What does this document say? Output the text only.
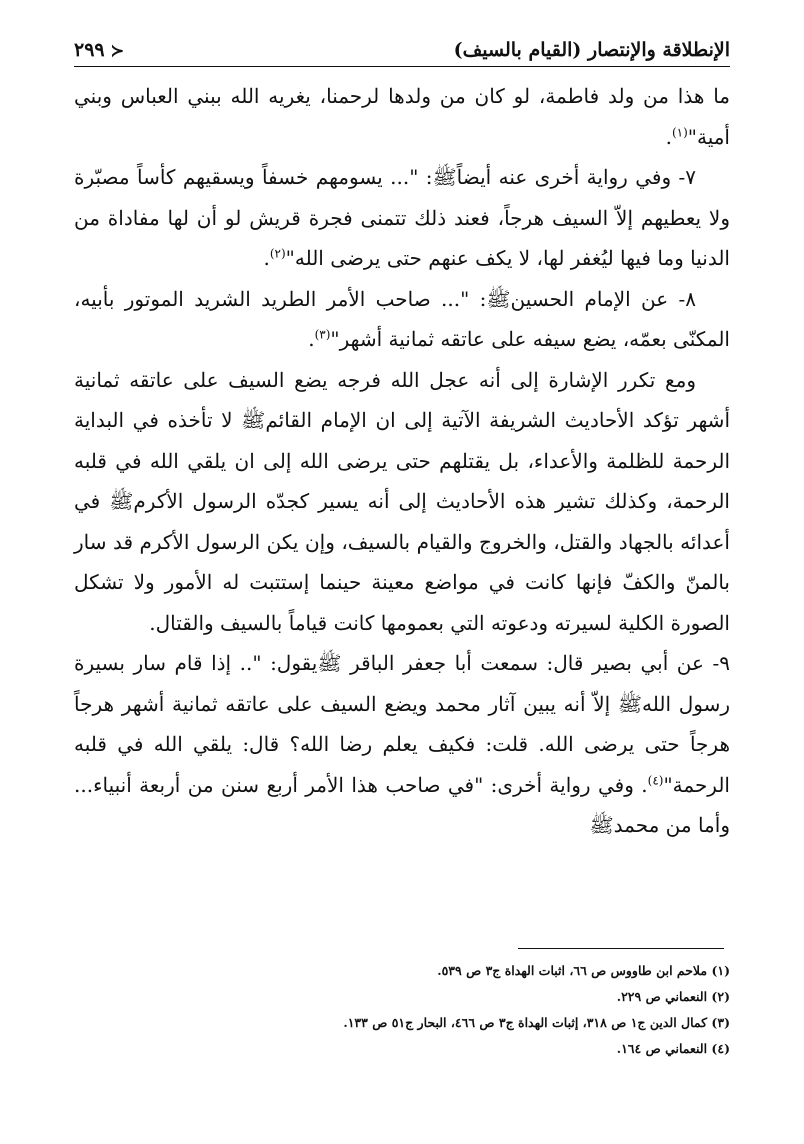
الإنطلاقة والإنتصار (القيام بالسيف)
≺
٢٩٩

ما هذا من ولد فاطمة، لو كان من ولدها لرحمنا، يغريه الله ببني العباس وبني أمية"$^{(١)}$.

٧- وفي رواية أخرى عنه أيضاًﷺ: "... يسومهم خسفاً ويسقيهم كأساً مصبّرة ولا يعطيهم إلاّ السيف هرجاً، فعند ذلك تتمنى فجرة قريش لو أن لها مفاداة من الدنيا وما فيها ليُغفر لها، لا يكف عنهم حتى يرضى الله"$^{(٢)}$.

٨- عن الإمام الحسينﷺ: "... صاحب الأمر الطريد الشريد الموتور بأبيه، المكنّى بعمّه، يضع سيفه على عاتقه ثمانية أشهر"$^{(٣)}$.

ومع تكرر الإشارة إلى أنه عجل الله فرجه يضع السيف على عاتقه ثمانية أشهر تؤكد الأحاديث الشريفة الآتية إلى ان الإمام القائمﷺ لا تأخذه في البداية الرحمة للظلمة والأعداء، بل يقتلهم حتى يرضى الله إلى ان يلقي الله في قلبه الرحمة، وكذلك تشير هذه الأحاديث إلى أنه يسير كجدّه الرسول الأكرمﷺ في أعدائه بالجهاد والقتل، والخروج والقيام بالسيف، وإن يكن الرسول الأكرم قد سار بالمنّ والكفّ فإنها كانت في مواضع معينة حينما إستتبت له الأمور ولا تشكل الصورة الكلية لسيرته ودعوته التي بعمومها كانت قياماً بالسيف والقتال.

٩- عن أبي بصير قال: سمعت أبا جعفر الباقر ﷺيقول: ".. إذا قام سار بسيرة رسول اللهﷺ إلاّ أنه يبين آثار محمد ويضع السيف على عاتقه ثمانية أشهر هرجاً هرجاً حتى يرضى الله. قلت: فكيف يعلم رضا الله؟ قال: يلقي الله في قلبه الرحمة"$^{(٤)}$. وفي رواية أخرى: "في صاحب هذا الأمر أربع سنن من أربعة أنبياء... وأما من محمدﷺ

(١) ملاحم ابن طاووس ص ٦٦، اثبات الهداة ج٣ ص ٥٣٩.

(٢) النعماني ص ٢٢٩.

(٣) كمال الدين ج١ ص ٣١٨، إثبات الهداة ج٣ ص ٤٦٦، البحار ج٥١ ص ١٣٣.

(٤) النعماني ص ١٦٤.
